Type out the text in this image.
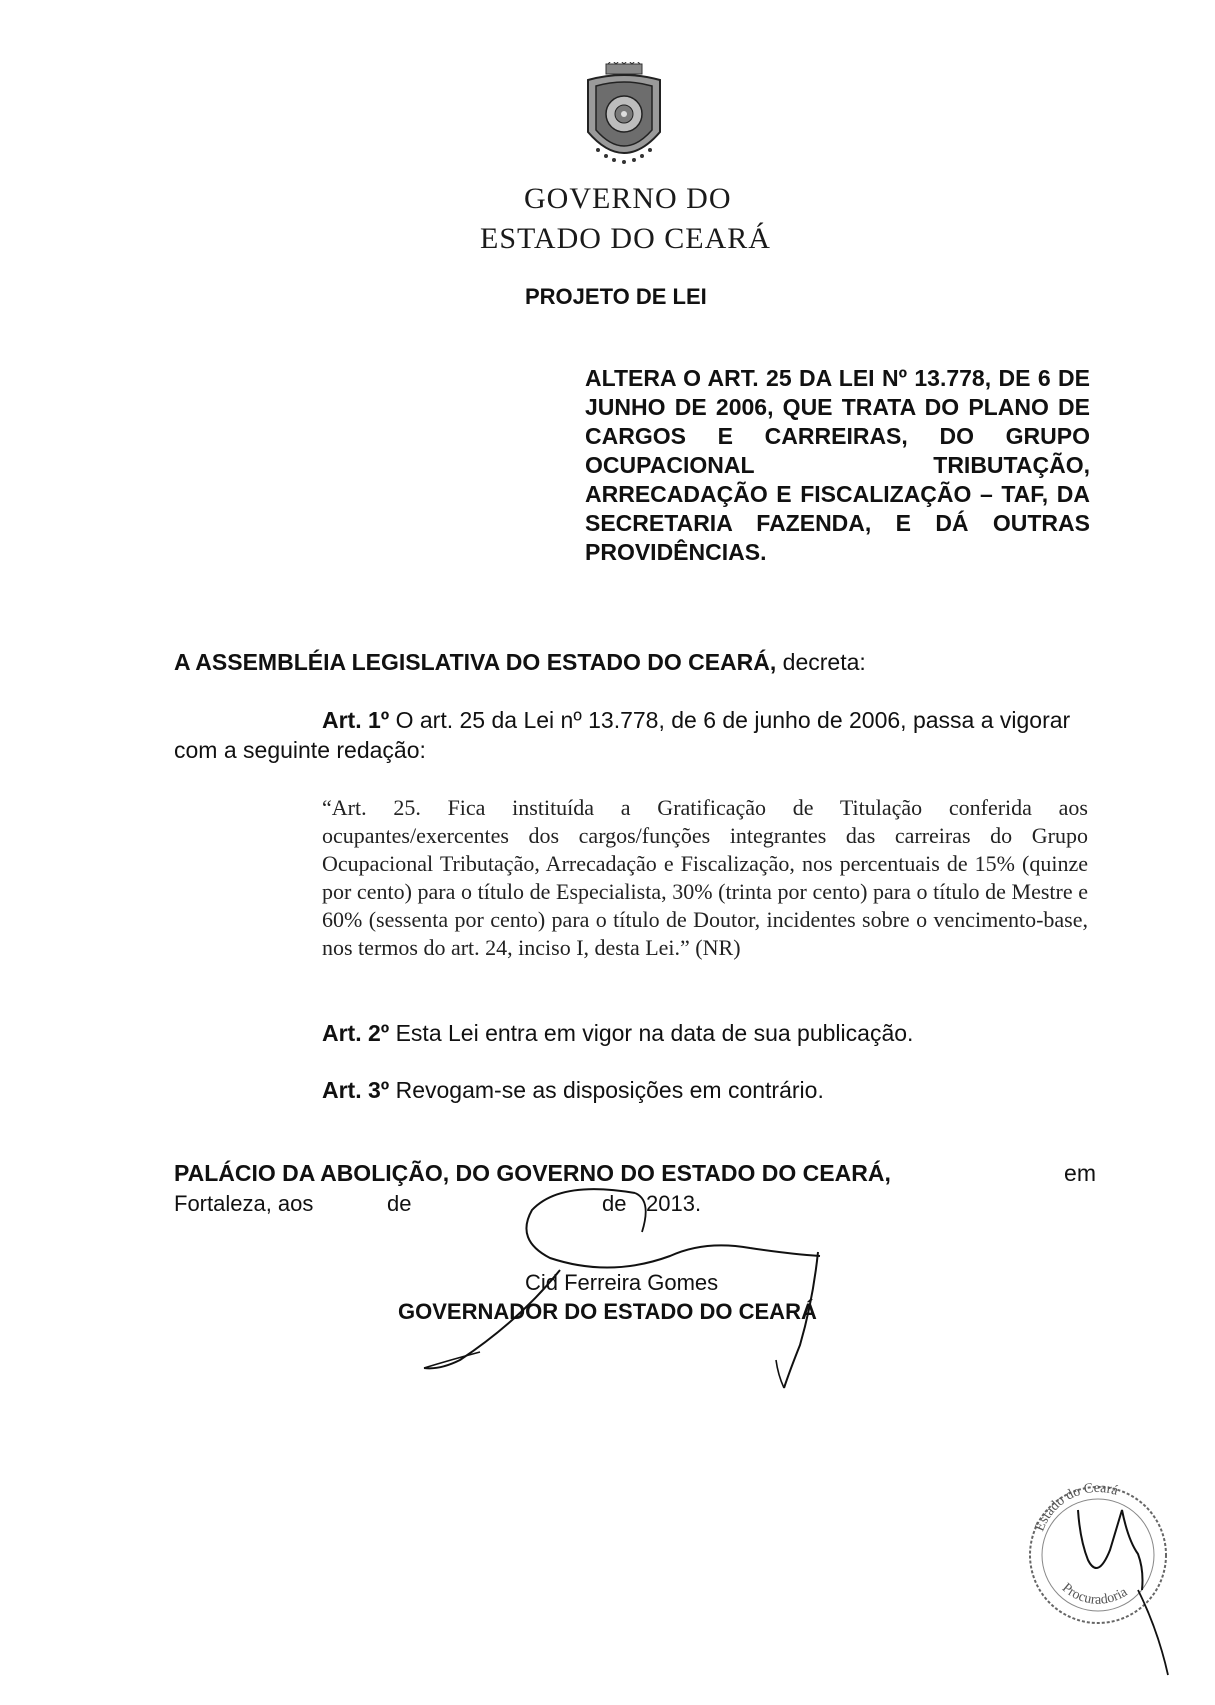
GOVERNO DO
ESTADO DO CEARÁ
PROJETO DE LEI
ALTERA O ART. 25 DA LEI Nº 13.778, DE 6 DE JUNHO DE 2006, QUE TRATA DO PLANO DE CARGOS E CARREIRAS, DO GRUPO OCUPACIONAL TRIBUTAÇÃO, ARRECADAÇÃO E FISCALIZAÇÃO – TAF, DA SECRETARIA FAZENDA, E DÁ OUTRAS PROVIDÊNCIAS.
A ASSEMBLÉIA LEGISLATIVA DO ESTADO DO CEARÁ, decreta:
Art. 1º O art. 25 da Lei nº 13.778, de 6 de junho de 2006, passa a vigorar com a seguinte redação:
“Art. 25. Fica instituída a Gratificação de Titulação conferida aos ocupantes/exercentes dos cargos/funções integrantes das carreiras do Grupo Ocupacional Tributação, Arrecadação e Fiscalização, nos percentuais de 15% (quinze por cento) para o título de Especialista, 30% (trinta por cento) para o título de Mestre e 60% (sessenta por cento) para o título de Doutor, incidentes sobre o vencimento-base, nos termos do art. 24, inciso I, desta Lei.” (NR)
Art. 2º Esta Lei entra em vigor na data de sua publicação.
Art. 3º Revogam-se as disposições em contrário.
PALÁCIO DA ABOLIÇÃO, DO GOVERNO DO ESTADO DO CEARÁ,	em
Fortaleza, aos	de	de 2013.
Cid Ferreira Gomes
GOVERNADOR DO ESTADO DO CEARÁ
Estado do Ceará
Procuradoria
